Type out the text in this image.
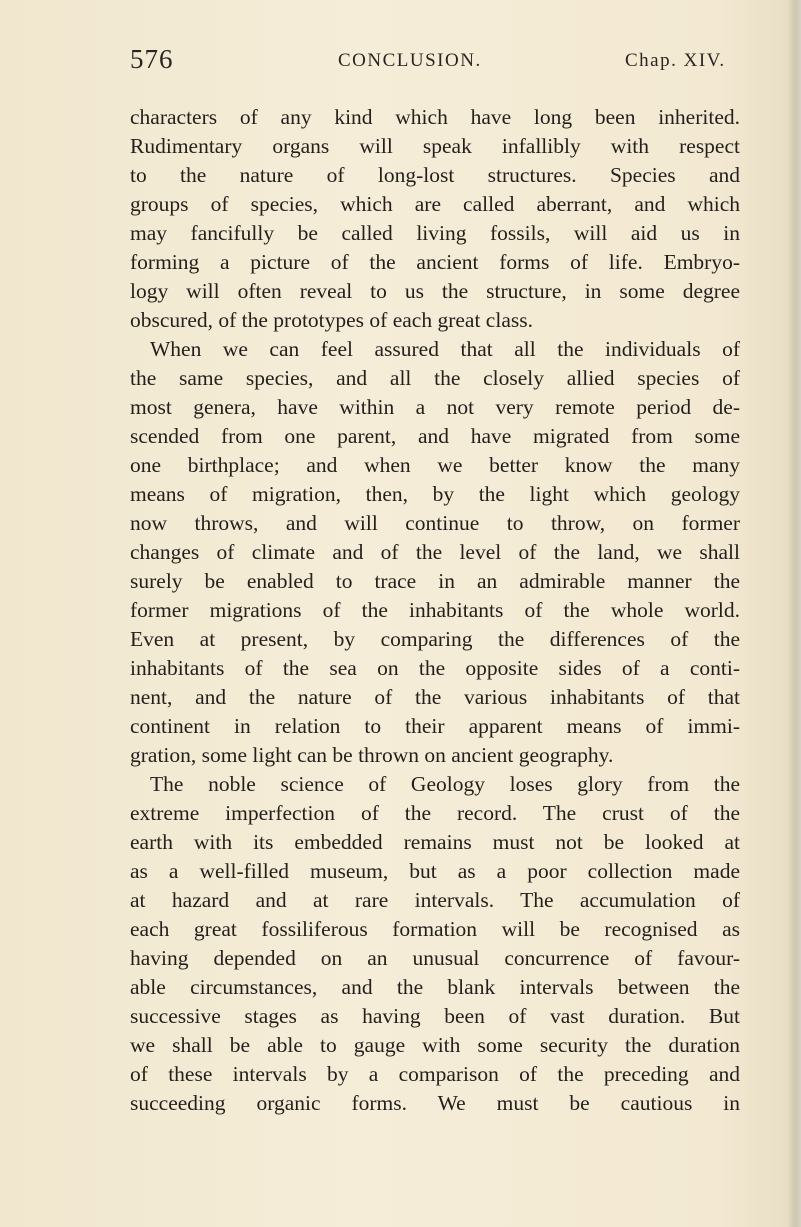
576	CONCLUSION.	Chap. XIV.
characters of any kind which have long been inherited.
Rudimentary organs will speak infallibly with respect
to the nature of long-lost structures. Species and
groups of species, which are called aberrant, and which
may fancifully be called living fossils, will aid us in
forming a picture of the ancient forms of life. Embryo-
logy will often reveal to us the structure, in some degree
obscured, of the prototypes of each great class.
When we can feel assured that all the individuals of
the same species, and all the closely allied species of
most genera, have within a not very remote period de-
scended from one parent, and have migrated from some
one birthplace; and when we better know the many
means of migration, then, by the light which geology
now throws, and will continue to throw, on former
changes of climate and of the level of the land, we shall
surely be enabled to trace in an admirable manner the
former migrations of the inhabitants of the whole world.
Even at present, by comparing the differences of the
inhabitants of the sea on the opposite sides of a conti-
nent, and the nature of the various inhabitants of that
continent in relation to their apparent means of immi-
gration, some light can be thrown on ancient geography.
The noble science of Geology loses glory from the
extreme imperfection of the record. The crust of the
earth with its embedded remains must not be looked at
as a well-filled museum, but as a poor collection made
at hazard and at rare intervals. The accumulation of
each great fossiliferous formation will be recognised as
having depended on an unusual concurrence of favour-
able circumstances, and the blank intervals between the
successive stages as having been of vast duration. But
we shall be able to gauge with some security the duration
of these intervals by a comparison of the preceding and
succeeding organic forms. We must be cautious in
